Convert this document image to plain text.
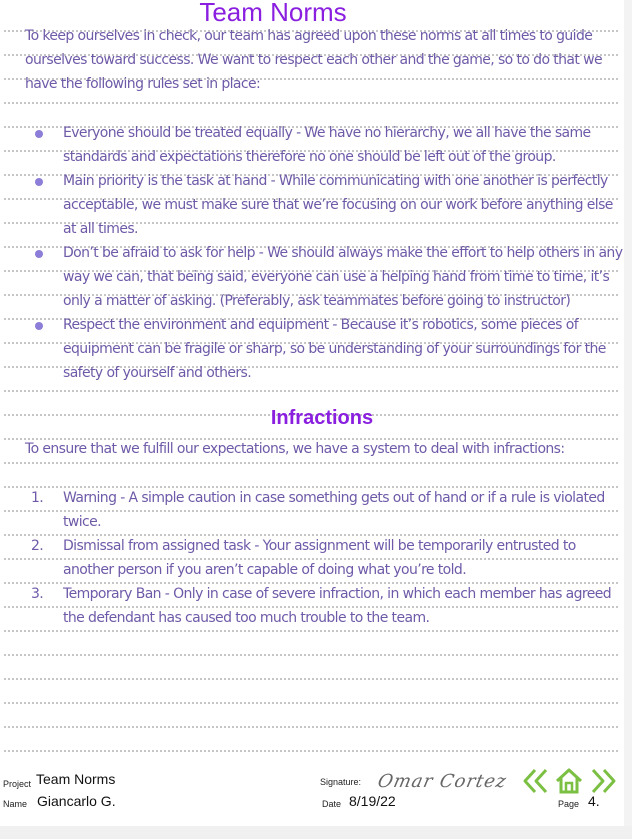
Team Norms
To keep ourselves in check, our team has agreed upon these norms at all times to guide ourselves toward success. We want to respect each other and the game, so to do that we have the following rules set in place:
Everyone should be treated equally - We have no hierarchy, we all have the same standards and expectations therefore no one should be left out of the group.
Main priority is the task at hand - While communicating with one another is perfectly acceptable, we must make sure that we’re focusing on our work before anything else at all times.
Don’t be afraid to ask for help - We should always make the effort to help others in any way we can, that being said, everyone can use a helping hand from time to time, it’s only a matter of asking. (Preferably, ask teammates before going to instructor)
Respect the environment and equipment - Because it’s robotics, some pieces of equipment can be fragile or sharp, so be understanding of your surroundings for the safety of yourself and others.
Infractions
To ensure that we fulfill our expectations, we have a system to deal with infractions:
1. Warning - A simple caution in case something gets out of hand or if a rule is violated twice.
2. Dismissal from assigned task - Your assignment will be temporarily entrusted to another person if you aren’t capable of doing what you’re told.
3. Temporary Ban - Only in case of severe infraction, in which each member has agreed the defendant has caused too much trouble to the team.
Project Team Norms
Name Giancarlo G.
Signature: Omar Cortez
Date 8/19/22	Page 4.
